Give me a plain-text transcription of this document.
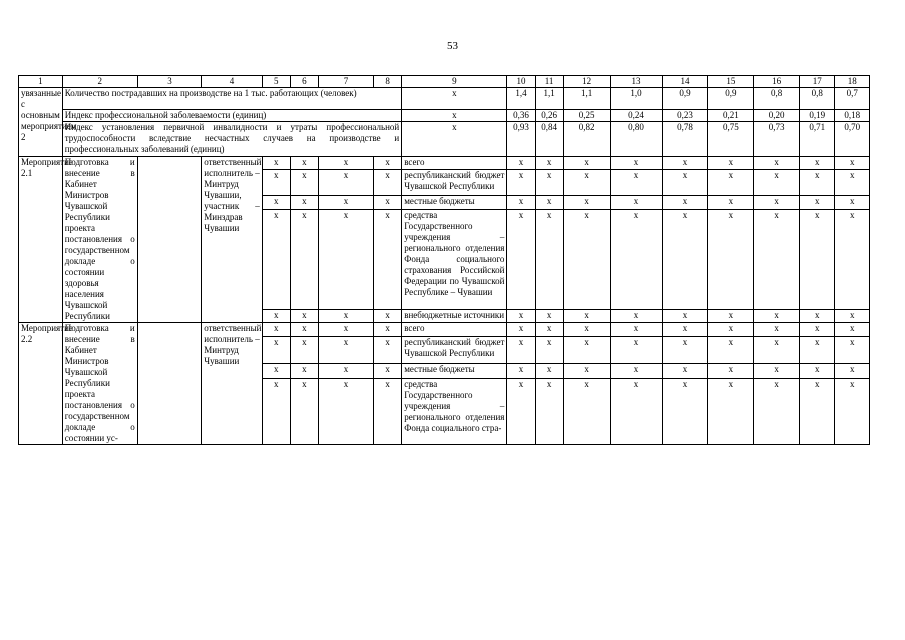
53
1	2	3	4	5	6	7	8	9	10	11	12	13	14	15	16	17	18
увязанные с основным мероприятием 2	Количество пострадавших на производстве на 1 тыс. работающих (человек)							x	1,4	1,1	1,1	1,0	0,9	0,9	0,8	0,8	0,7
	Индекс профессиональной заболеваемости (единиц)							x	0,36	0,26	0,25	0,24	0,23	0,21	0,20	0,19	0,18
	Индекс установления первичной инвалидности и утраты профессиональной трудоспособности вследствие несчастных случаев на производстве и профессиональных заболеваний (единиц)							x	0,93	0,84	0,82	0,80	0,78	0,75	0,73	0,71	0,70
Мероприятие 2.1	Подготовка и внесение в Кабинет Министров Чувашской Республики проекта постановления о государственном докладе о состоянии здоровья населения Чувашской Республики		ответственный исполнитель – Минтруд Чувашии, участник – Минздрав Чувашии	x	x	x	x	всего	x	x	x	x	x	x	x	x	x
				x	x	x	x	республиканский бюджет Чувашской Республики	x	x	x	x	x	x	x	x	x
				x	x	x	x	местные бюджеты	x	x	x	x	x	x	x	x	x
				x	x	x	x	средства Государственного учреждения – регионального отделения Фонда социального страхования Российской Федерации по Чувашской Республике – Чувашии	x	x	x	x	x	x	x	x	x
				x	x	x	x	внебюджетные источники	x	x	x	x	x	x	x	x	x
Мероприятие 2.2	Подготовка и внесение в Кабинет Министров Чувашской Республики проекта постановления о государственном докладе о состоянии ус-		ответственный исполнитель – Минтруд Чувашии	x	x	x	x	всего	x	x	x	x	x	x	x	x	x
				x	x	x	x	республиканский бюджет Чувашской Республики	x	x	x	x	x	x	x	x	x
				x	x	x	x	местные бюджеты	x	x	x	x	x	x	x	x	x
				x	x	x	x	средства Государственного учреждения – регионального отделения Фонда социального стра-	x	x	x	x	x	x	x	x	x
